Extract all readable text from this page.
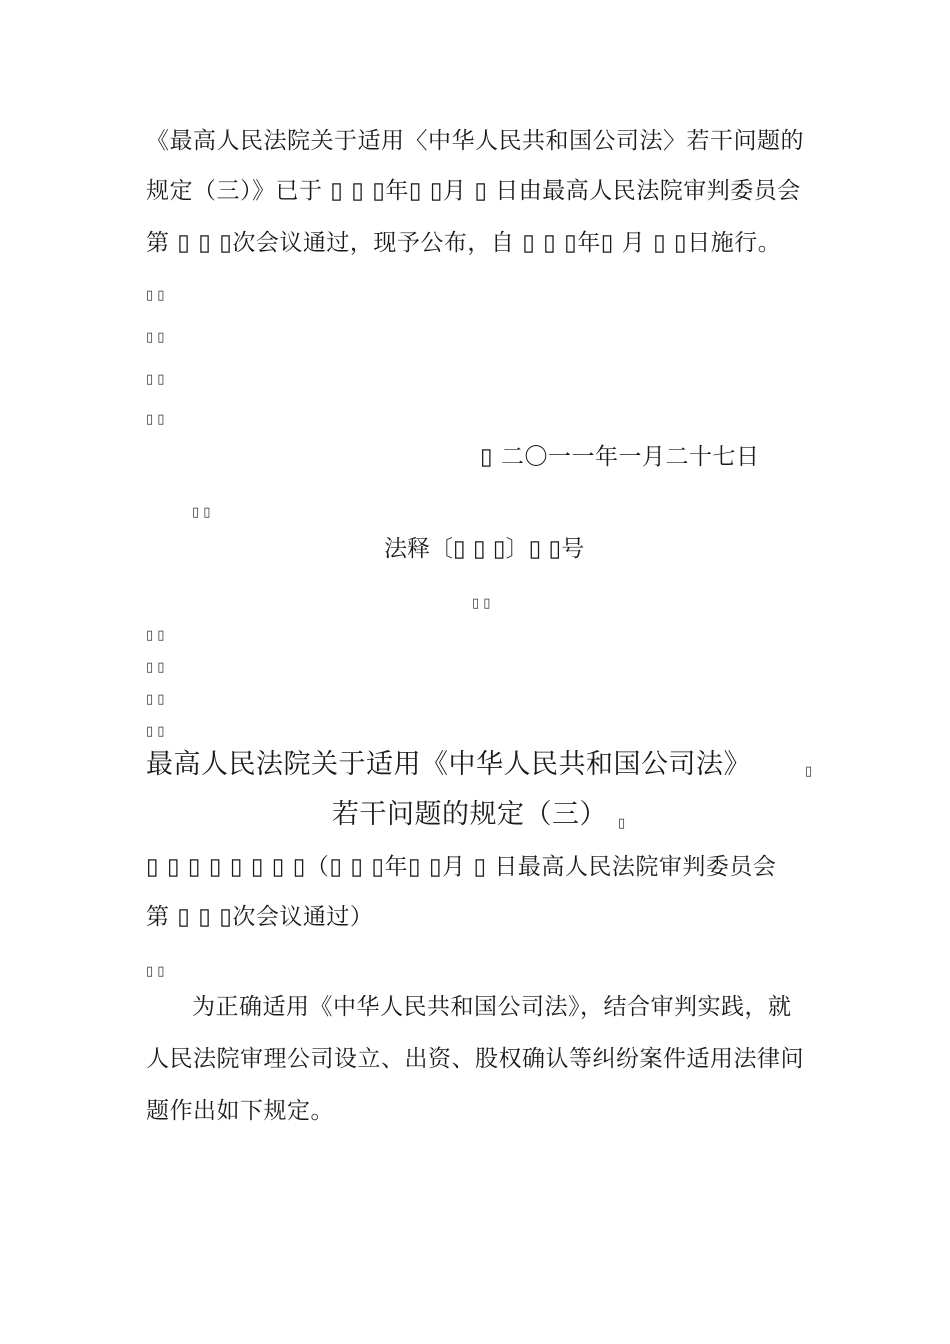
《最高人民法院关于适用〈中华人民共和国公司法〉若干问题的

规定（三）》已于 ▯ ▯ ▯年▯ ▯月 ▯ 日由最高人民法院审判委员会

第 ▯ ▯ ▯次会议通过，现予公布，自 ▯ ▯ ▯年▯ 月 ▯ ▯日施行。

▯ ▯
▯ ▯
▯ ▯
▯ ▯

▯ 二〇一一年一月二十七日

▯ ▯

法释〔▯ ▯ ▯〕▯ ▯号

▯ ▯
▯ ▯
▯ ▯
▯ ▯
▯ ▯

最高人民法院关于适用《中华人民共和国公司法》	▯

若干问题的规定（三） ▯

▯ ▯ ▯ ▯ ▯ ▯ ▯ ▯（▯ ▯ ▯年▯ ▯月 ▯ 日最高人民法院审判委员会

第 ▯ ▯ ▯次会议通过）

▯ ▯

为正确适用《中华人民共和国公司法》，结合审判实践，就

人民法院审理公司设立、出资、股权确认等纠纷案件适用法律问

题作出如下规定。
